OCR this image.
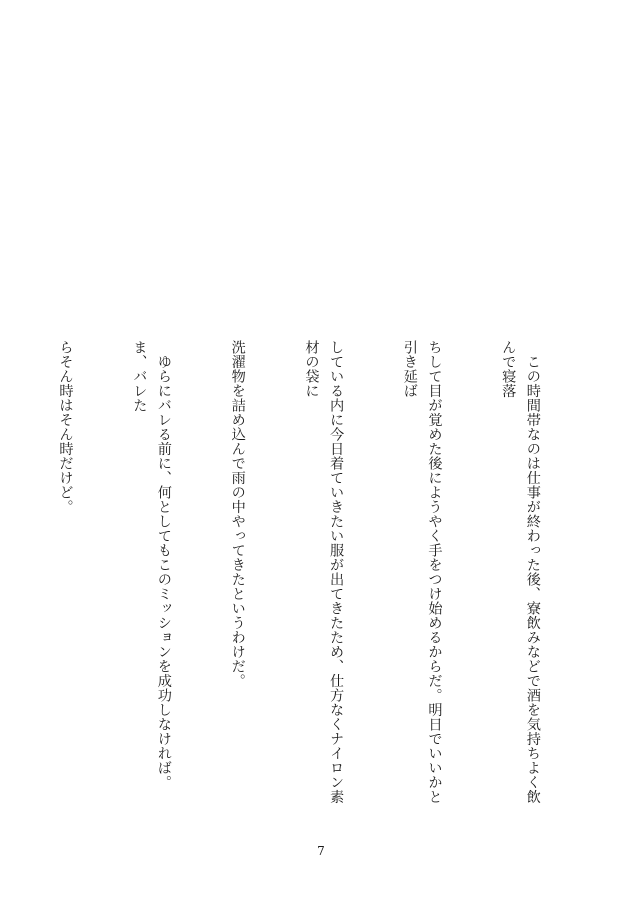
　この時間帯なのは仕事が終わった後、寮飲みなどで酒を気持ちよく飲んで寝落

ちして目が覚めた後にようやく手をつけ始めるからだ。明日でいいかと引き延ば

している内に今日着ていきたい服が出てきたため、仕方なくナイロン素材の袋に

洗濯物を詰め込んで雨の中やってきたというわけだ。

　ゆらにバレる前に、何としてもこのミッションを成功しなければ。ま、バレた

らそん時はそん時だけど。

7
